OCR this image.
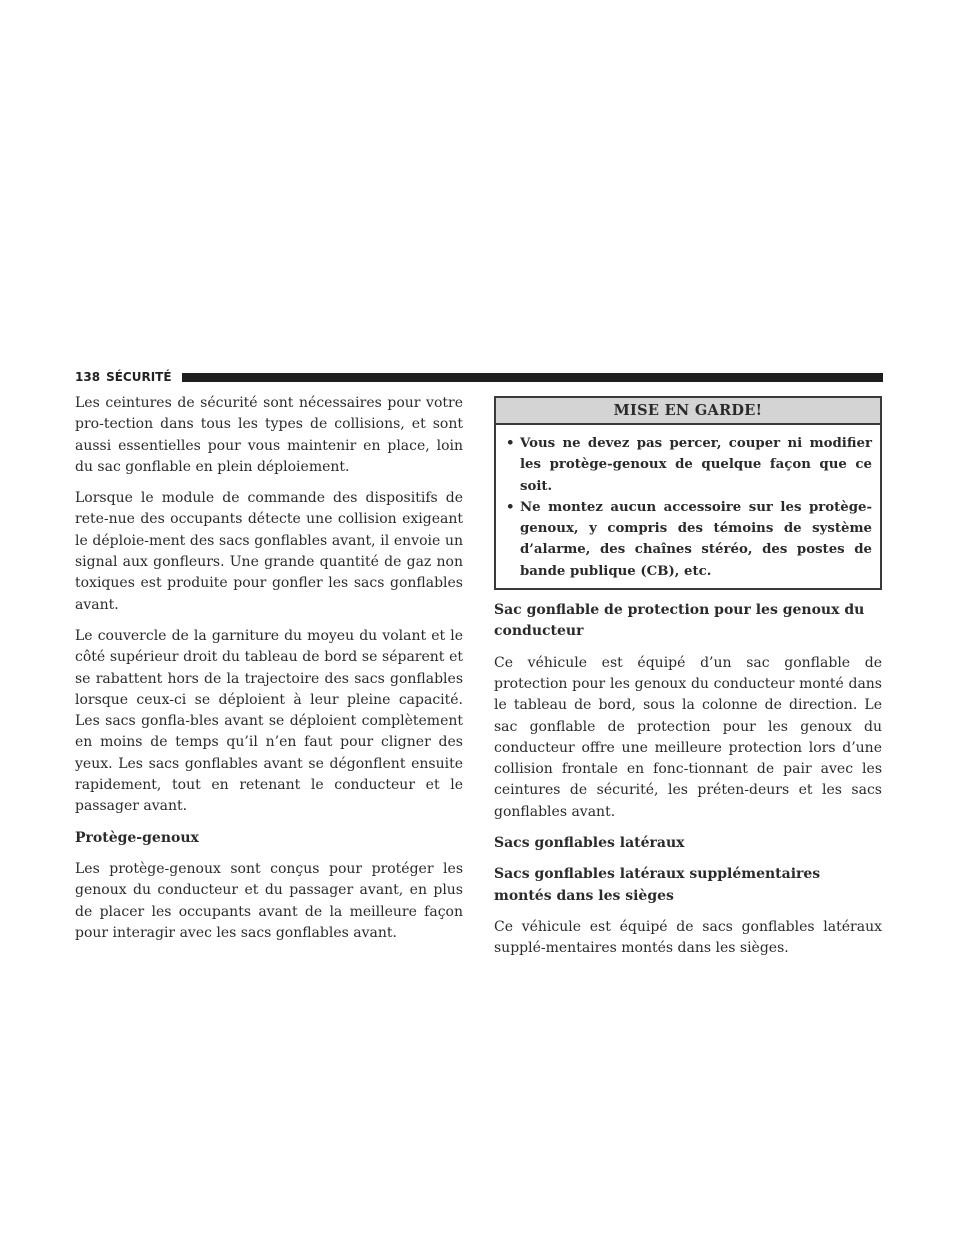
138 SÉCURITÉ

Les ceintures de sécurité sont nécessaires pour votre pro-tection dans tous les types de collisions, et sont aussi essentielles pour vous maintenir en place, loin du sac gonflable en plein déploiement.

Lorsque le module de commande des dispositifs de rete-nue des occupants détecte une collision exigeant le déploie-ment des sacs gonflables avant, il envoie un signal aux gonfleurs. Une grande quantité de gaz non toxiques est produite pour gonfler les sacs gonflables avant.

Le couvercle de la garniture du moyeu du volant et le côté supérieur droit du tableau de bord se séparent et se rabattent hors de la trajectoire des sacs gonflables lorsque ceux-ci se déploient à leur pleine capacité. Les sacs gonfla-bles avant se déploient complètement en moins de temps qu’il n’en faut pour cligner des yeux. Les sacs gonflables avant se dégonflent ensuite rapidement, tout en retenant le conducteur et le passager avant.

Protège-genoux

Les protège-genoux sont conçus pour protéger les genoux du conducteur et du passager avant, en plus de placer les occupants avant de la meilleure façon pour interagir avec les sacs gonflables avant.

MISE EN GARDE!
• Vous ne devez pas percer, couper ni modifier les protège-genoux de quelque façon que ce soit.
• Ne montez aucun accessoire sur les protège-genoux, y compris des témoins de système d’alarme, des chaînes stéréo, des postes de bande publique (CB), etc.
Sac gonflable de protection pour les genoux du conducteur

Ce véhicule est équipé d’un sac gonflable de protection pour les genoux du conducteur monté dans le tableau de bord, sous la colonne de direction. Le sac gonflable de protection pour les genoux du conducteur offre une meilleure protection lors d’une collision frontale en fonc-tionnant de pair avec les ceintures de sécurité, les préten-deurs et les sacs gonflables avant.

Sacs gonflables latéraux
Sacs gonflables latéraux supplémentaires montés dans les sièges

Ce véhicule est équipé de sacs gonflables latéraux supplé-mentaires montés dans les sièges.
